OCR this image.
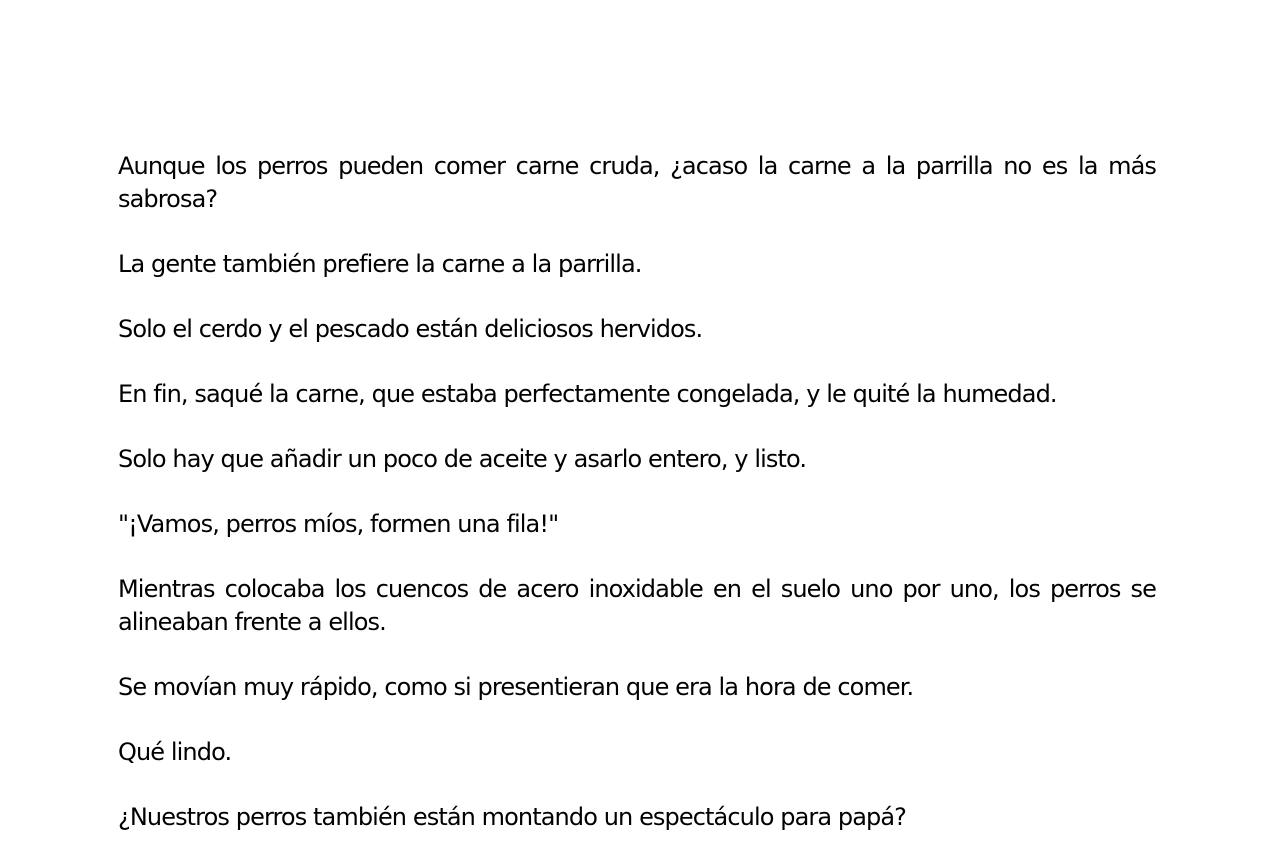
Aunque los perros pueden comer carne cruda, ¿acaso la carne a la parrilla no es la más sabrosa?

La gente también prefiere la carne a la parrilla.

Solo el cerdo y el pescado están deliciosos hervidos.

En fin, saqué la carne, que estaba perfectamente congelada, y le quité la humedad.

Solo hay que añadir un poco de aceite y asarlo entero, y listo.

"¡Vamos, perros míos, formen una fila!"

Mientras colocaba los cuencos de acero inoxidable en el suelo uno por uno, los perros se alineaban frente a ellos.

Se movían muy rápido, como si presentieran que era la hora de comer.

Qué lindo.

¿Nuestros perros también están montando un espectáculo para papá?
